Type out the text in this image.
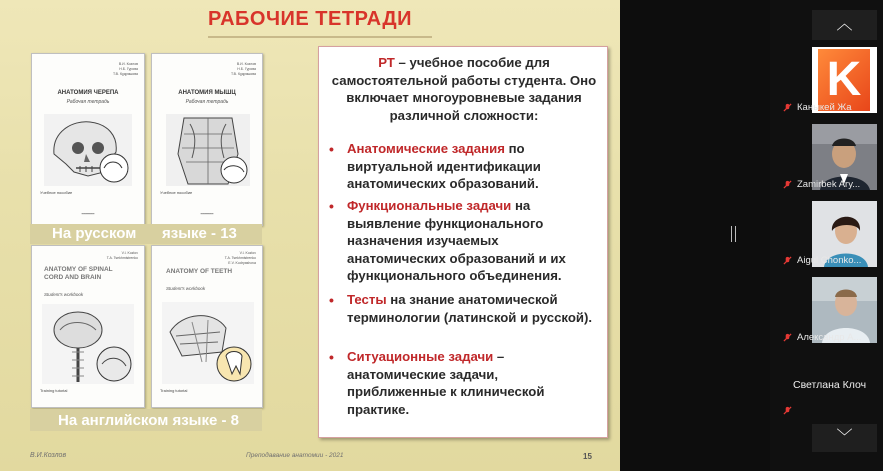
РАБОЧИЕ ТЕТРАДИ
В.И. Козлов
Н.Б. Гурова
Т.В. Кудряшова
АНАТОМИЯ ЧЕРЕПА
Рабочая тетрадь
Учебное пособие
━━━━━━
В.И. Козлов
Н.Б. Гурова
Т.В. Кудряшова
АНАТОМИЯ МЫШЦ
Рабочая тетрадь
Учебное пособие
━━━━━━
На русском языке - 13
V.I. Kozlov
T.A. Tsekhmistrenko
ANATOMY OF SPINAL CORD AND BRAIN
Student's workbook
Training tutorial
V.I. Kozlov
T.A. Tsekhmistrenko
E.V. Kudryashova
ANATOMY OF TEETH
Student's workbook
Training tutorial
На английском языке - 8
РТ – учебное пособие для самостоятельной работы студента. Оно включает многоуровневые задания различной сложности:
• Анатомические задания по виртуальной идентификации анатомических образований.
• Функциональные задачи на выявление функционального назначения изучаемых анатомических образований и их функционального объединения.
• Тесты на знание анатомической терминологии (латинской и русской).
• Ситуационные задачи – анатомические задачи, приближенные к клинической практике.
В.И.Козлов	Преподавание анатомии - 2021	15
︿
K
Каныкей Жа
Zamirbek Ary...
Aigul Chonko...
Александр А...
Светлана Клоч
﹀
